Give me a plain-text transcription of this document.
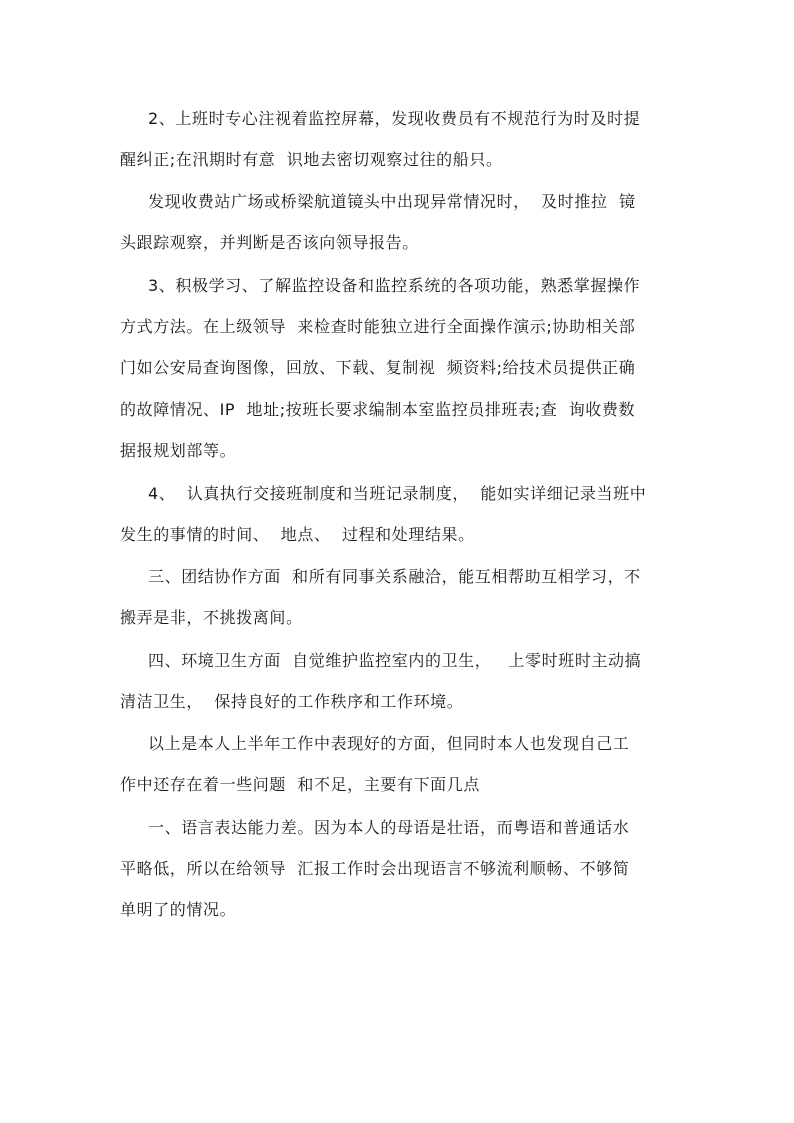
2、上班时专心注视着监控屏幕，发现收费员有不规范行为时及时提
醒纠正;在汛期时有意  识地去密切观察过往的船只。
发现收费站广场或桥梁航道镜头中出现异常情况时，  及时推拉  镜
头跟踪观察，并判断是否该向领导报告。
3、积极学习、了解监控设备和监控系统的各项功能，熟悉掌握操作
方式方法。在上级领导  来检查时能独立进行全面操作演示;协助相关部
门如公安局查询图像，回放、下载、复制视  频资料;给技术员提供正确
的故障情况、IP  地址;按班长要求编制本室监控员排班表;查  询收费数
据报规划部等。
4、  认真执行交接班制度和当班记录制度，  能如实详细记录当班中
发生的事情的时间、  地点、  过程和处理结果。
三、团结协作方面  和所有同事关系融洽，能互相帮助互相学习，不
搬弄是非，不挑拨离间。
四、环境卫生方面  自觉维护监控室内的卫生，   上零时班时主动搞
清洁卫生，  保持良好的工作秩序和工作环境。
以上是本人上半年工作中表现好的方面，但同时本人也发现自己工
作中还存在着一些问题  和不足，主要有下面几点
一、语言表达能力差。因为本人的母语是壮语，而粤语和普通话水
平略低，所以在给领导  汇报工作时会出现语言不够流利顺畅、不够简
单明了的情况。
